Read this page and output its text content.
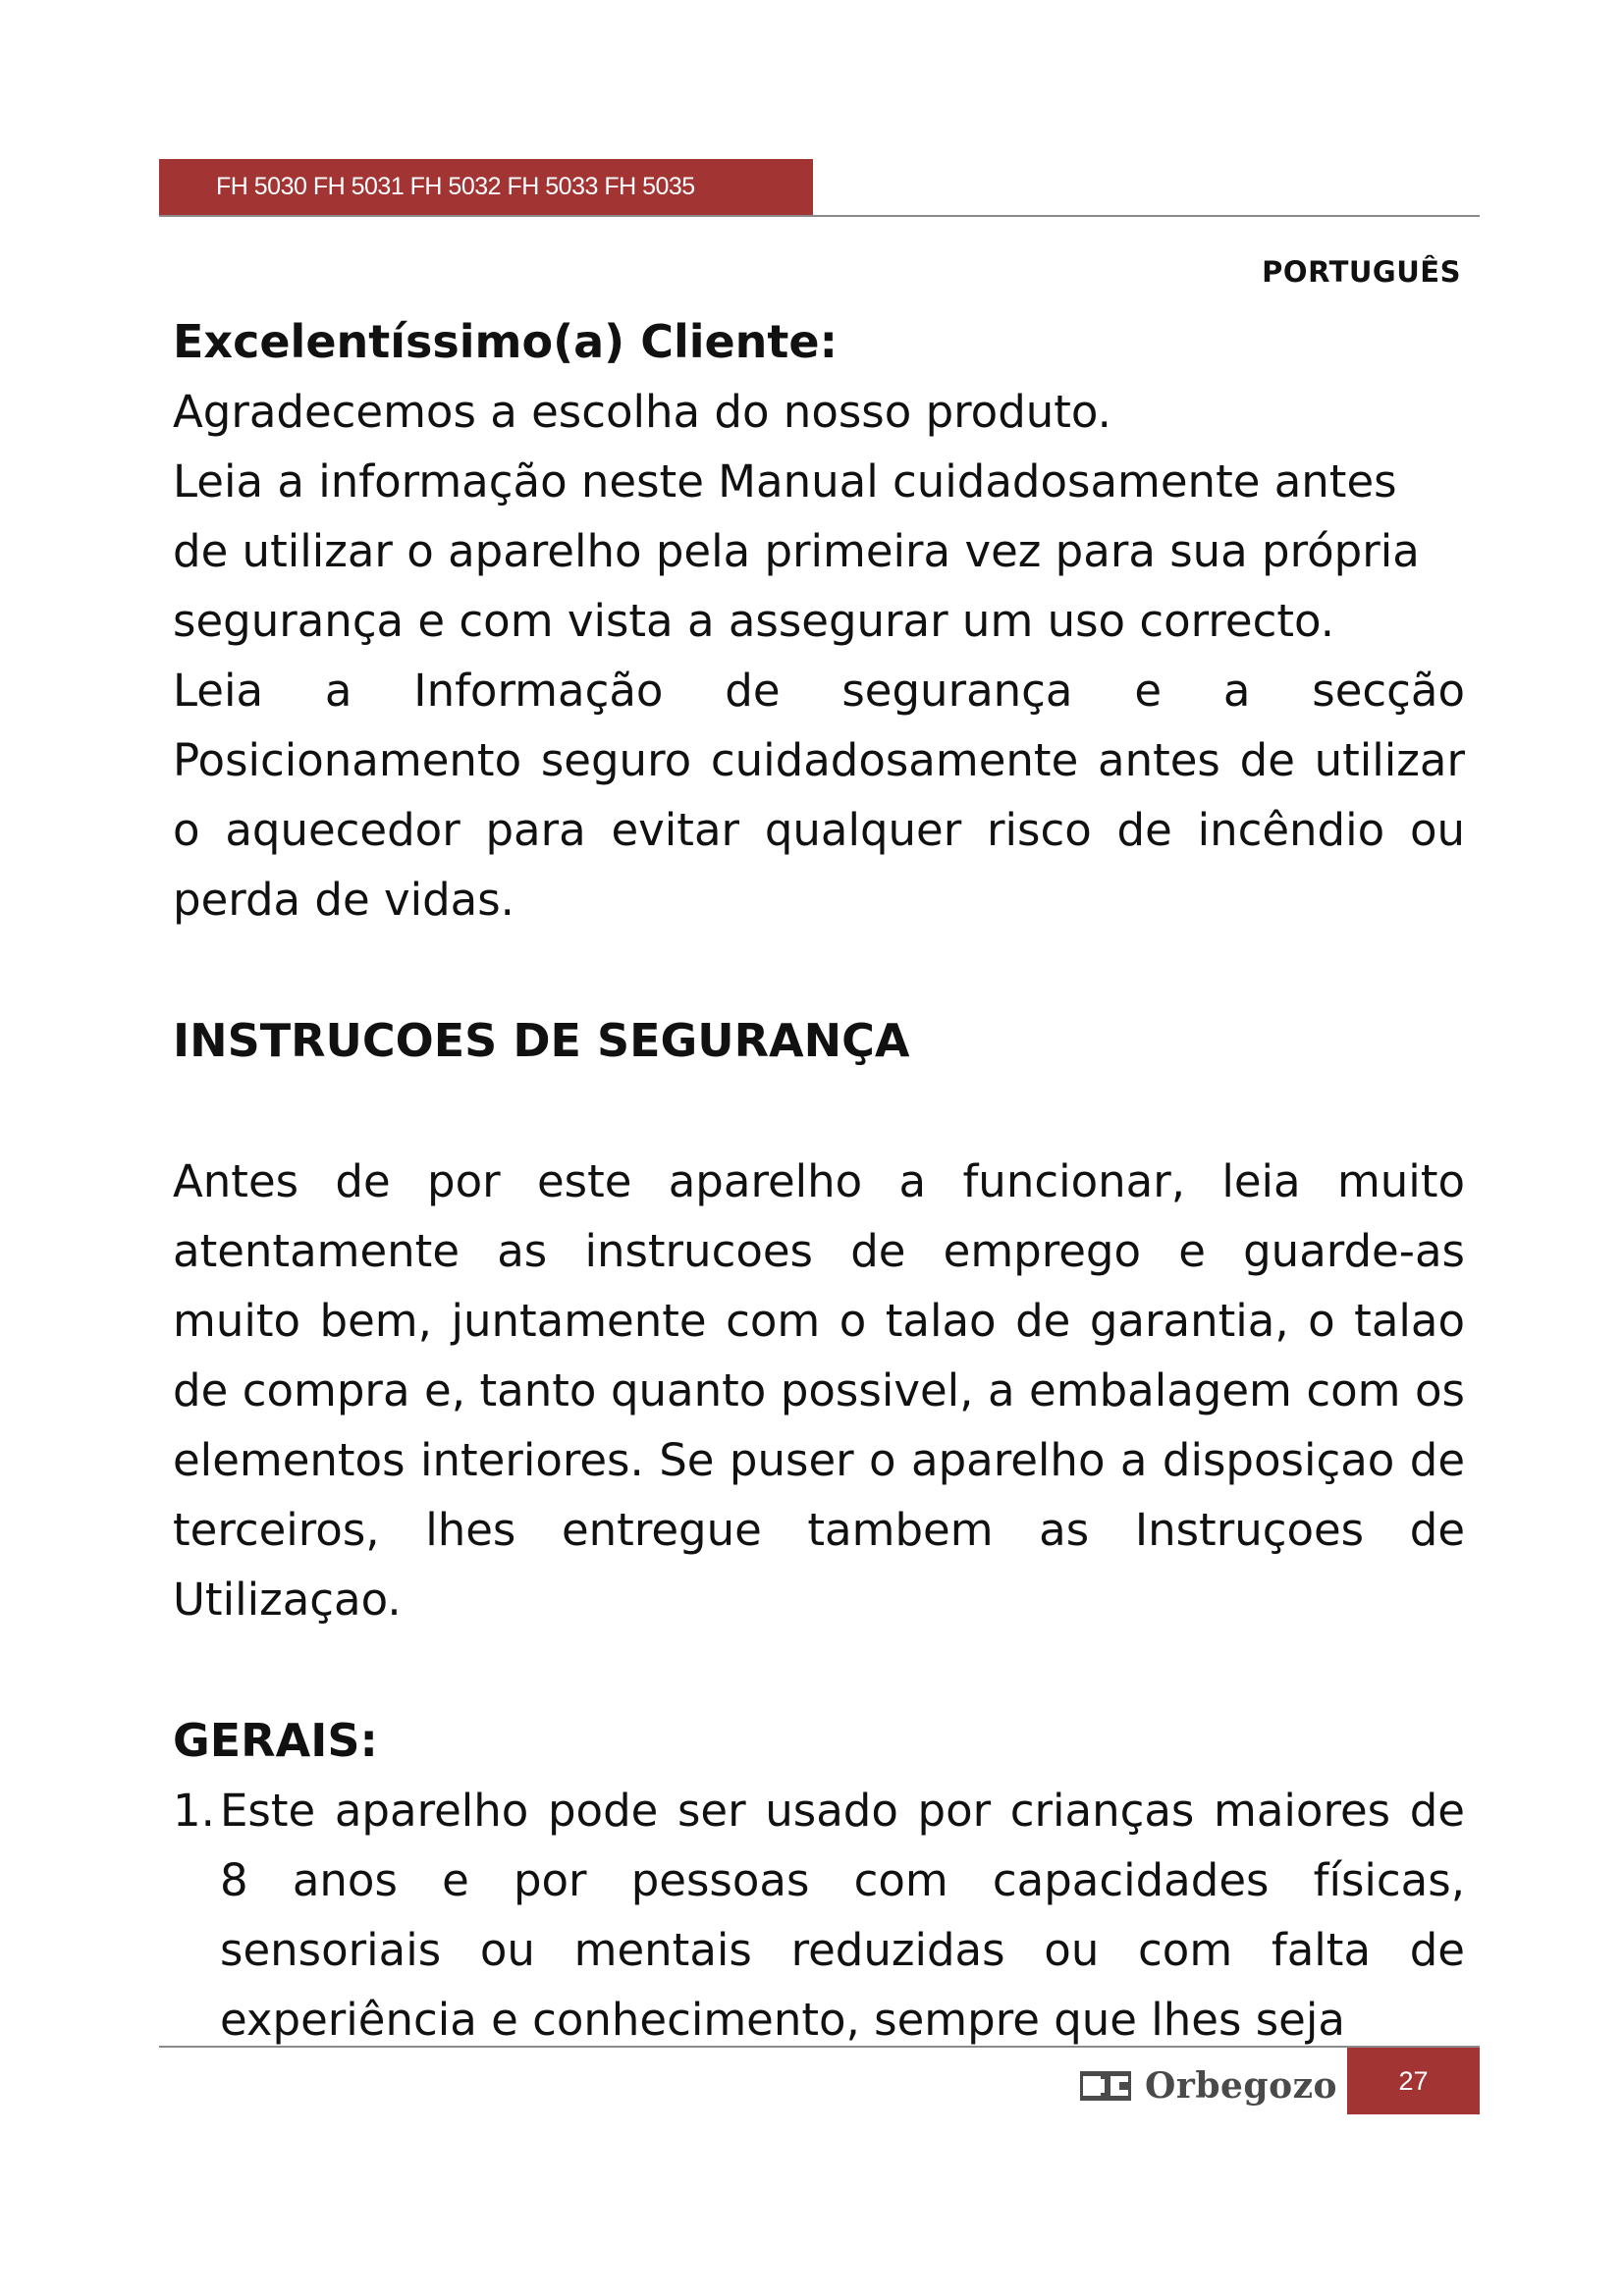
FH 5030 FH 5031 FH 5032 FH 5033 FH 5035
PORTUGUÊS
Excelentíssimo(a) Cliente:

Agradecemos a escolha do nosso produto.

Leia a informação neste Manual cuidadosamente antes de utilizar o aparelho pela primeira vez para sua própria segurança e com vista a assegurar um uso correcto.

Leia a Informação de segurança e a secção Posicionamento seguro cuidadosamente antes de utilizar o aquecedor para evitar qualquer risco de incêndio ou perda de vidas.

INSTRUCOES DE SEGURANÇA

Antes de por este aparelho a funcionar, leia muito atentamente as instrucoes de emprego e guarde-as muito bem, juntamente com o talao de garantia, o talao de compra e, tanto quanto possivel, a embalagem com os elementos interiores. Se puser o aparelho a disposiçao de terceiros, lhes entregue tambem as Instruçoes de Utilizaçao.

GERAIS:
1. Este aparelho pode ser usado por crianças maiores de 8 anos e por pessoas com capacidades físicas, sensoriais ou mentais reduzidas ou com falta de experiência e conhecimento, sempre que lhes seja
Orbegozo	27
